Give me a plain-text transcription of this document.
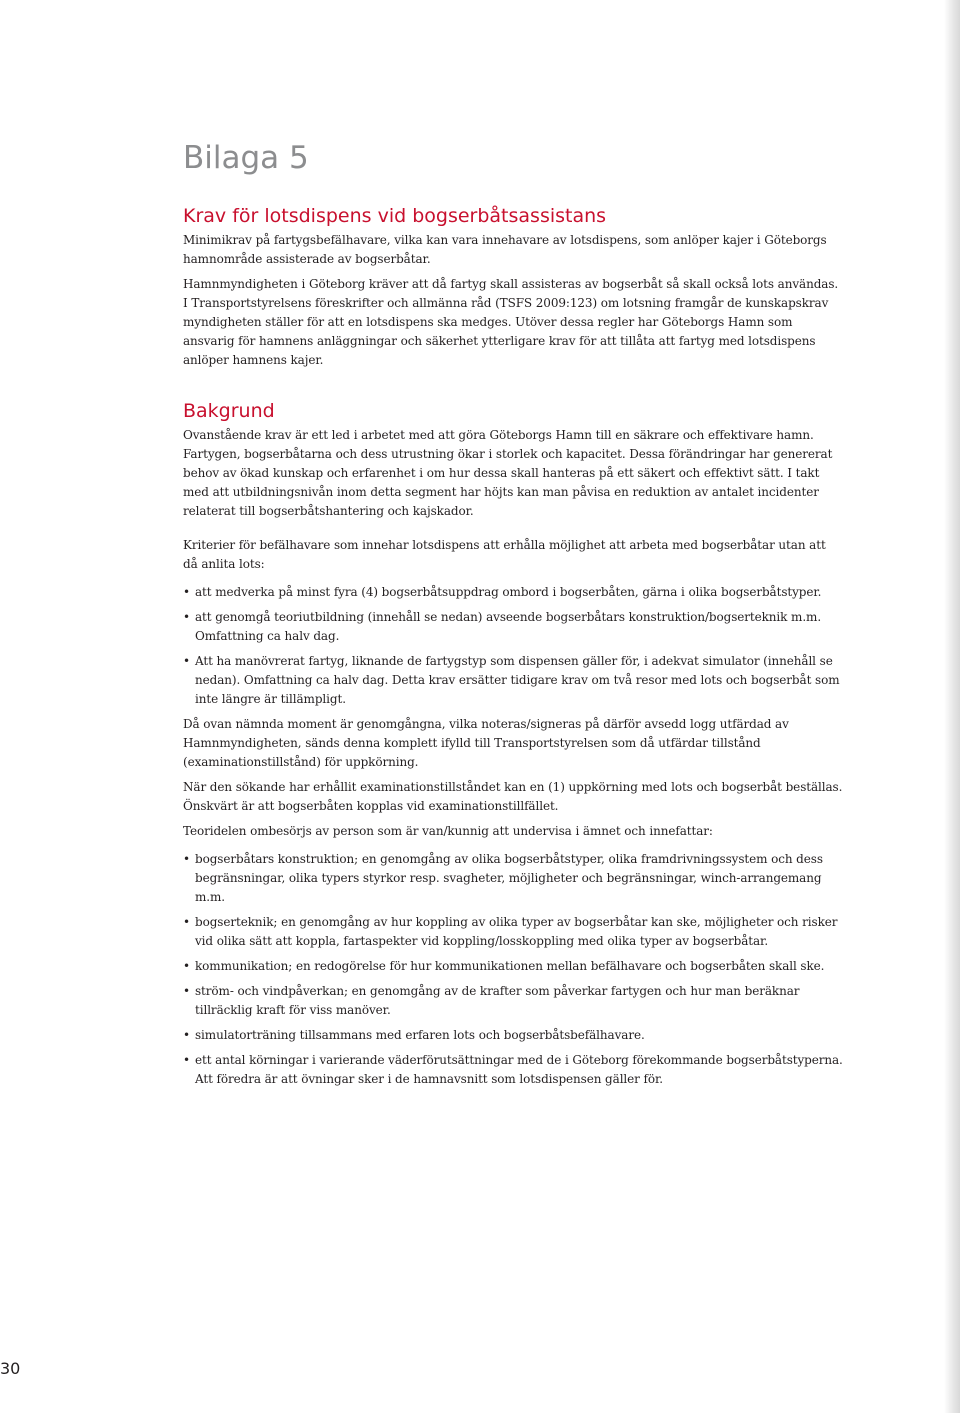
Bilaga 5
Krav för lotsdispens vid bogserbåtsassistans

Minimikrav på fartygsbefälhavare, vilka kan vara innehavare av lotsdispens, som anlöper kajer i Göteborgs hamnområde assisterade av bogserbåtar.

Hamnmyndigheten i Göteborg kräver att då fartyg skall assisteras av bogserbåt så skall också lots användas. I Transportstyrelsens föreskrifter och allmänna råd (TSFS 2009:123) om lotsning framgår de kunskapskrav myndigheten ställer för att en lotsdispens ska medges. Utöver dessa regler har Göteborgs Hamn som ansvarig för hamnens anläggningar och säkerhet ytterligare krav för att tillåta att fartyg med lotsdispens anlöper hamnens kajer.

Bakgrund

Ovanstående krav är ett led i arbetet med att göra Göteborgs Hamn till en säkrare och effektivare hamn. Fartygen, bogserbåtarna och dess utrustning ökar i storlek och kapacitet. Dessa förändringar har genererat behov av ökad kunskap och erfarenhet i om hur dessa skall hanteras på ett säkert och effektivt sätt. I takt med att utbildningsnivån inom detta segment har höjts kan man påvisa en reduktion av antalet incidenter relaterat till bogserbåtshantering och kajskador.

Kriterier för befälhavare som innehar lotsdispens att erhålla möjlighet att arbeta med bogserbåtar utan att då anlita lots:

• att medverka på minst fyra (4) bogserbåtsuppdrag ombord i bogserbåten, gärna i olika bogserbåtstyper.
• att genomgå teoriutbildning (innehåll se nedan) avseende bogserbåtars konstruktion/bogserteknik m.m. Omfattning ca halv dag.
• Att ha manövrerat fartyg, liknande de fartygstyp som dispensen gäller för, i adekvat simulator (innehåll se nedan). Omfattning ca halv dag. Detta krav ersätter tidigare krav om två resor med lots och bogserbåt som inte längre är tillämpligt.

Då ovan nämnda moment är genomgångna, vilka noteras/signeras på därför avsedd logg utfärdad av Hamnmyndigheten, sänds denna komplett ifylld till Transportstyrelsen som då utfärdar tillstånd (examinationstillstånd) för uppkörning.

När den sökande har erhållit examinationstillståndet kan en (1) uppkörning med lots och bogserbåt beställas. Önskvärt är att bogserbåten kopplas vid examinationstillfället.

Teoridelen ombesörjs av person som är van/kunnig att undervisa i ämnet och innefattar:

• bogserbåtars konstruktion; en genomgång av olika bogserbåtstyper, olika framdrivningssystem och dess begränsningar, olika typers styrkor resp. svagheter, möjligheter och begränsningar, winch-arrangemang m.m.
• bogserteknik; en genomgång av hur koppling av olika typer av bogserbåtar kan ske, möjligheter och risker vid olika sätt att koppla, fartaspekter vid koppling/losskoppling med olika typer av bogserbåtar.
• kommunikation; en redogörelse för hur kommunikationen mellan befälhavare och bogserbåten skall ske.
• ström- och vindpåverkan; en genomgång av de krafter som påverkar fartygen och hur man beräknar tillräcklig kraft för viss manöver.
• simulatorträning tillsammans med erfaren lots och bogserbåtsbefälhavare.
• ett antal körningar i varierande väderförutsättningar med de i Göteborg förekommande bogserbåtstyperna. Att föredra är att övningar sker i de hamnavsnitt som lotsdispensen gäller för.
30
